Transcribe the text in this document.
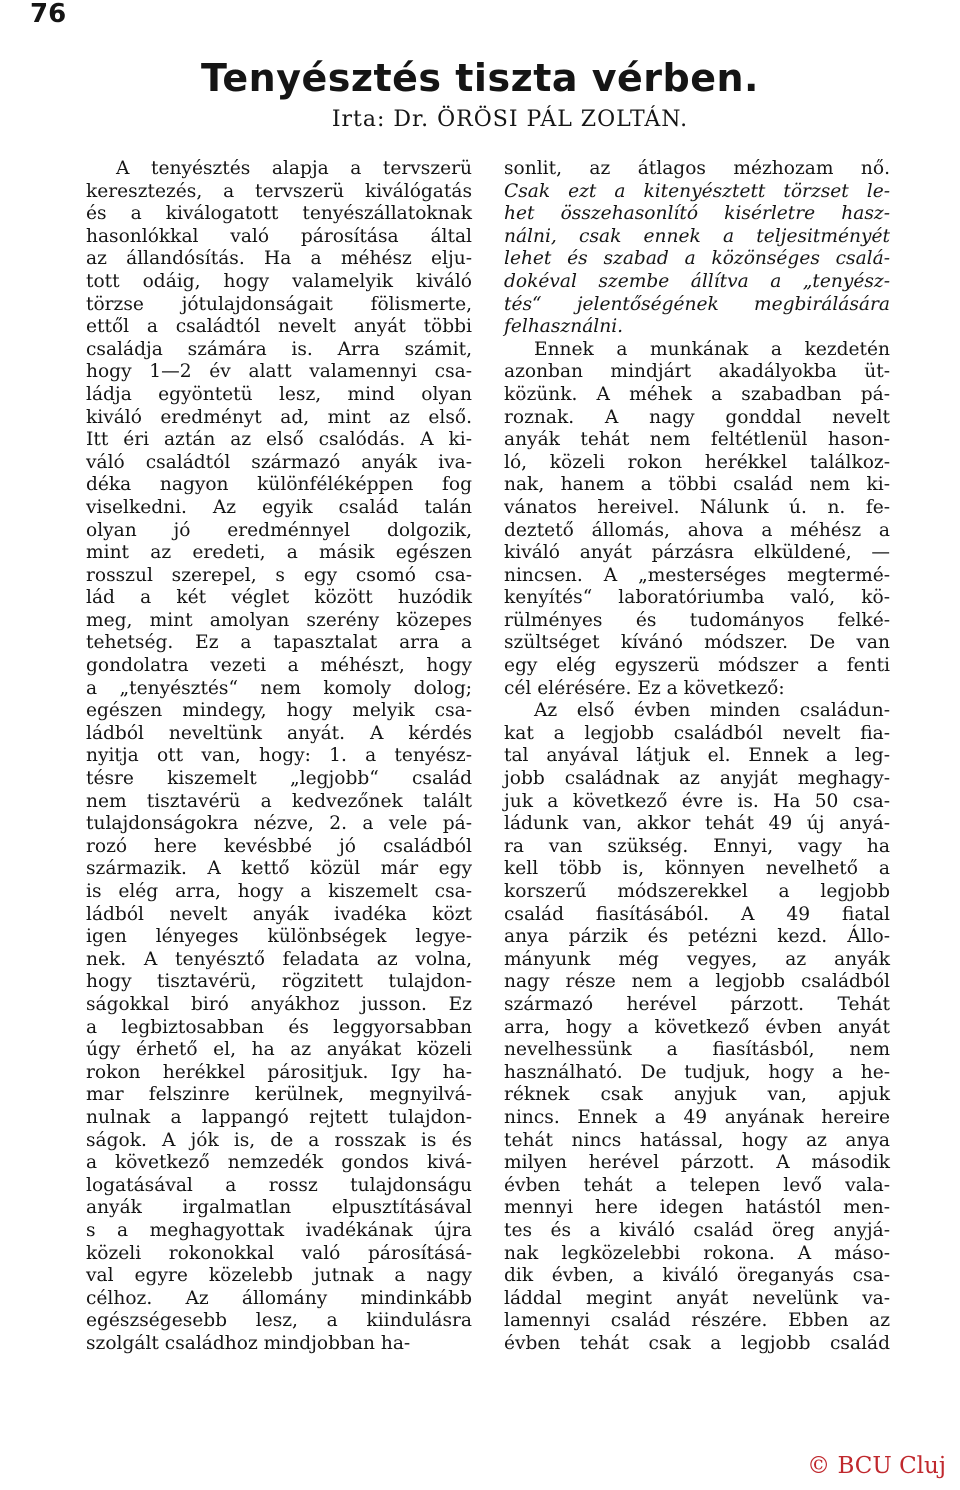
76
Tenyésztés tiszta vérben.
Irta: Dr. ÖRÖSI PÁL ZOLTÁN.
A tenyésztés alapja a tervszerü
keresztezés, a tervszerü kiválógatás
és a kiválogatott tenyészállatoknak
hasonlókkal való párosítása által
az állandósítás. Ha a méhész elju-
tott odáig, hogy valamelyik kiváló
törzse jótulajdonságait fölismerte,
ettől a családtól nevelt anyát többi
családja számára is. Arra számit,
hogy 1—2 év alatt valamennyi csa-
ládja egyöntetü lesz, mind olyan
kiváló eredményt ad, mint az első.
Itt éri aztán az első csalódás. A ki-
váló családtól származó anyák iva-
déka nagyon különféléképpen fog
viselkedni. Az egyik család talán
olyan jó eredménnyel dolgozik,
mint az eredeti, a másik egészen
rosszul szerepel, s egy csomó csa-
lád a két véglet között huzódik
meg, mint amolyan szerény közepes
tehetség. Ez a tapasztalat arra a
gondolatra vezeti a méhészt, hogy
a „tenyésztés“ nem komoly dolog;
egészen mindegy, hogy melyik csa-
ládból neveltünk anyát. A kérdés
nyitja ott van, hogy: 1. a tenyész-
tésre kiszemelt „legjobb“ család
nem tisztavérü a kedvezőnek talált
tulajdonságokra nézve, 2. a vele pá-
rozó here kevésbbé jó családból
származik. A kettő közül már egy
is elég arra, hogy a kiszemelt csa-
ládból nevelt anyák ivadéka közt
igen lényeges különbségek legye-
nek. A tenyésztő feladata az volna,
hogy tisztavérü, rögzitett tulajdon-
ságokkal biró anyákhoz jusson. Ez
a legbiztosabban és leggyorsabban
úgy érhető el, ha az anyákat közeli
rokon herékkel párositjuk. Igy ha-
mar felszinre kerülnek, megnyilvá-
nulnak a lappangó rejtett tulajdon-
ságok. A jók is, de a rosszak is és
a következő nemzedék gondos kivá-
logatásával a rossz tulajdonságu
anyák irgalmatlan elpusztításával
s a meghagyottak ivadékának újra
közeli rokonokkal való párosításá-
val egyre közelebb jutnak a nagy
célhoz. Az állomány mindinkább
egészségesebb lesz, a kiindulásra
szolgált családhoz mindjobban ha-
sonlit, az átlagos mézhozam nő.
Csak ezt a kitenyésztett törzset le-
het összehasonlító kisérletre hasz-
nálni, csak ennek a teljesitményét
lehet és szabad a közönséges csalá-
dokéval szembe állítva a „tenyész-
tés“ jelentőségének megbirálására
felhasználni.
Ennek a munkának a kezdetén
azonban mindjárt akadályokba üt-
közünk. A méhek a szabadban pá-
roznak. A nagy gonddal nevelt
anyák tehát nem feltétlenül hason-
ló, közeli rokon herékkel találkoz-
nak, hanem a többi család nem ki-
vánatos hereivel. Nálunk ú. n. fe-
deztető állomás, ahova a méhész a
kiváló anyát párzásra elküldené, —
nincsen. A „mesterséges megtermé-
kenyítés“ laboratóriumba való, kö-
rülményes és tudományos felké-
szültséget kívánó módszer. De van
egy elég egyszerü módszer a fenti
cél elérésére. Ez a következő:
Az első évben minden családun-
kat a legjobb családból nevelt fia-
tal anyával látjuk el. Ennek a leg-
jobb családnak az anyját meghagy-
juk a következő évre is. Ha 50 csa-
ládunk van, akkor tehát 49 új anyá-
ra van szükség. Ennyi, vagy ha
kell több is, könnyen nevelhető a
korszerű módszerekkel a legjobb
család fiasításából. A 49 fiatal
anya párzik és petézni kezd. Állo-
mányunk még vegyes, az anyák
nagy része nem a legjobb családból
származó herével párzott. Tehát
arra, hogy a következő évben anyát
nevelhessünk a fiasításból, nem
használható. De tudjuk, hogy a he-
réknek csak anyjuk van, apjuk
nincs. Ennek a 49 anyának hereire
tehát nincs hatással, hogy az anya
milyen herével párzott. A második
évben tehát a telepen levő vala-
mennyi here idegen hatástól men-
tes és a kiváló család öreg anyjá-
nak legközelebbi rokona. A máso-
dik évben, a kiváló öreganyás csa-
láddal megint anyát nevelünk va-
lamennyi család részére. Ebben az
évben tehát csak a legjobb család
© BCU Cluj
